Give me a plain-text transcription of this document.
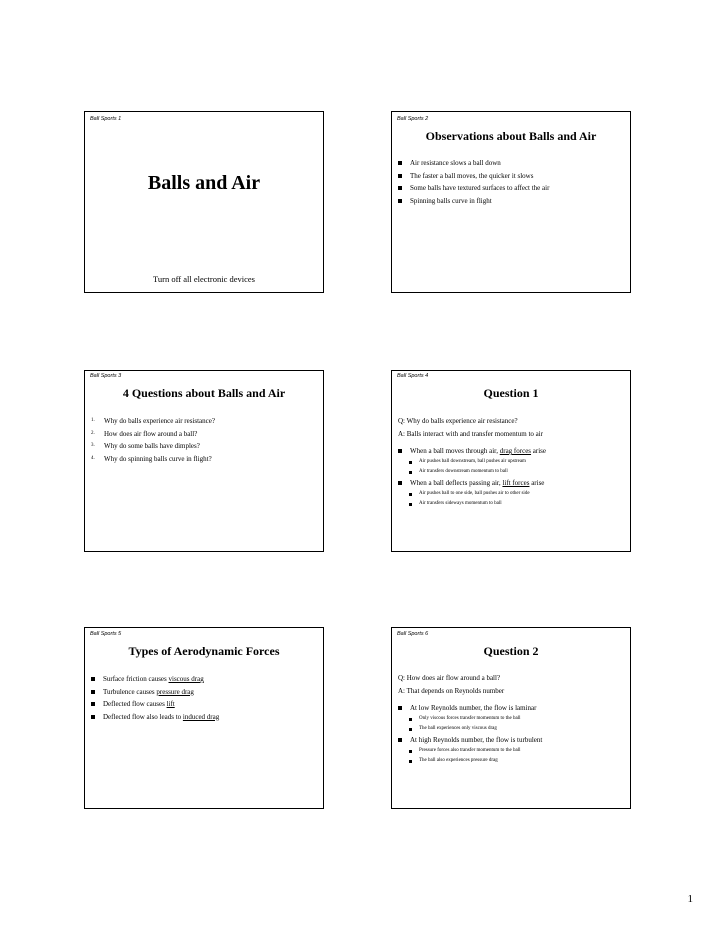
Ball Sports 1
Balls and Air
Turn off all electronic devices
Ball Sports 2
Observations about Balls and Air
Air resistance slows a ball down
The faster a ball moves, the quicker it slows
Some balls have textured surfaces to affect the air
Spinning balls curve in flight
Ball Sports 3
4 Questions about Balls and Air
1. Why do balls experience air resistance?
2. How does air flow around a ball?
3. Why do some balls have dimples?
4. Why do spinning balls curve in flight?
Ball Sports 4
Question 1
Q: Why do balls experience air resistance?
A: Balls interact with and transfer momentum to air
When a ball moves through air, drag forces arise
Air pushes ball downstream, ball pushes air upstream
Air transfers downstream momentum to ball
When a ball deflects passing air, lift forces arise
Air pushes ball to one side, ball pushes air to other side
Air transfers sideways momentum to ball
Ball Sports 5
Types of Aerodynamic Forces
Surface friction causes viscous drag
Turbulence causes pressure drag
Deflected flow causes lift
Deflected flow also leads to induced drag
Ball Sports 6
Question 2
Q: How does air flow around a ball?
A: That depends on Reynolds number
At low Reynolds number, the flow is laminar
Only viscous forces transfer momentum to the ball
The ball experiences only viscous drag
At high Reynolds number, the flow is turbulent
Pressure forces also transfer momentum to the ball
The ball also experiences pressure drag
1
